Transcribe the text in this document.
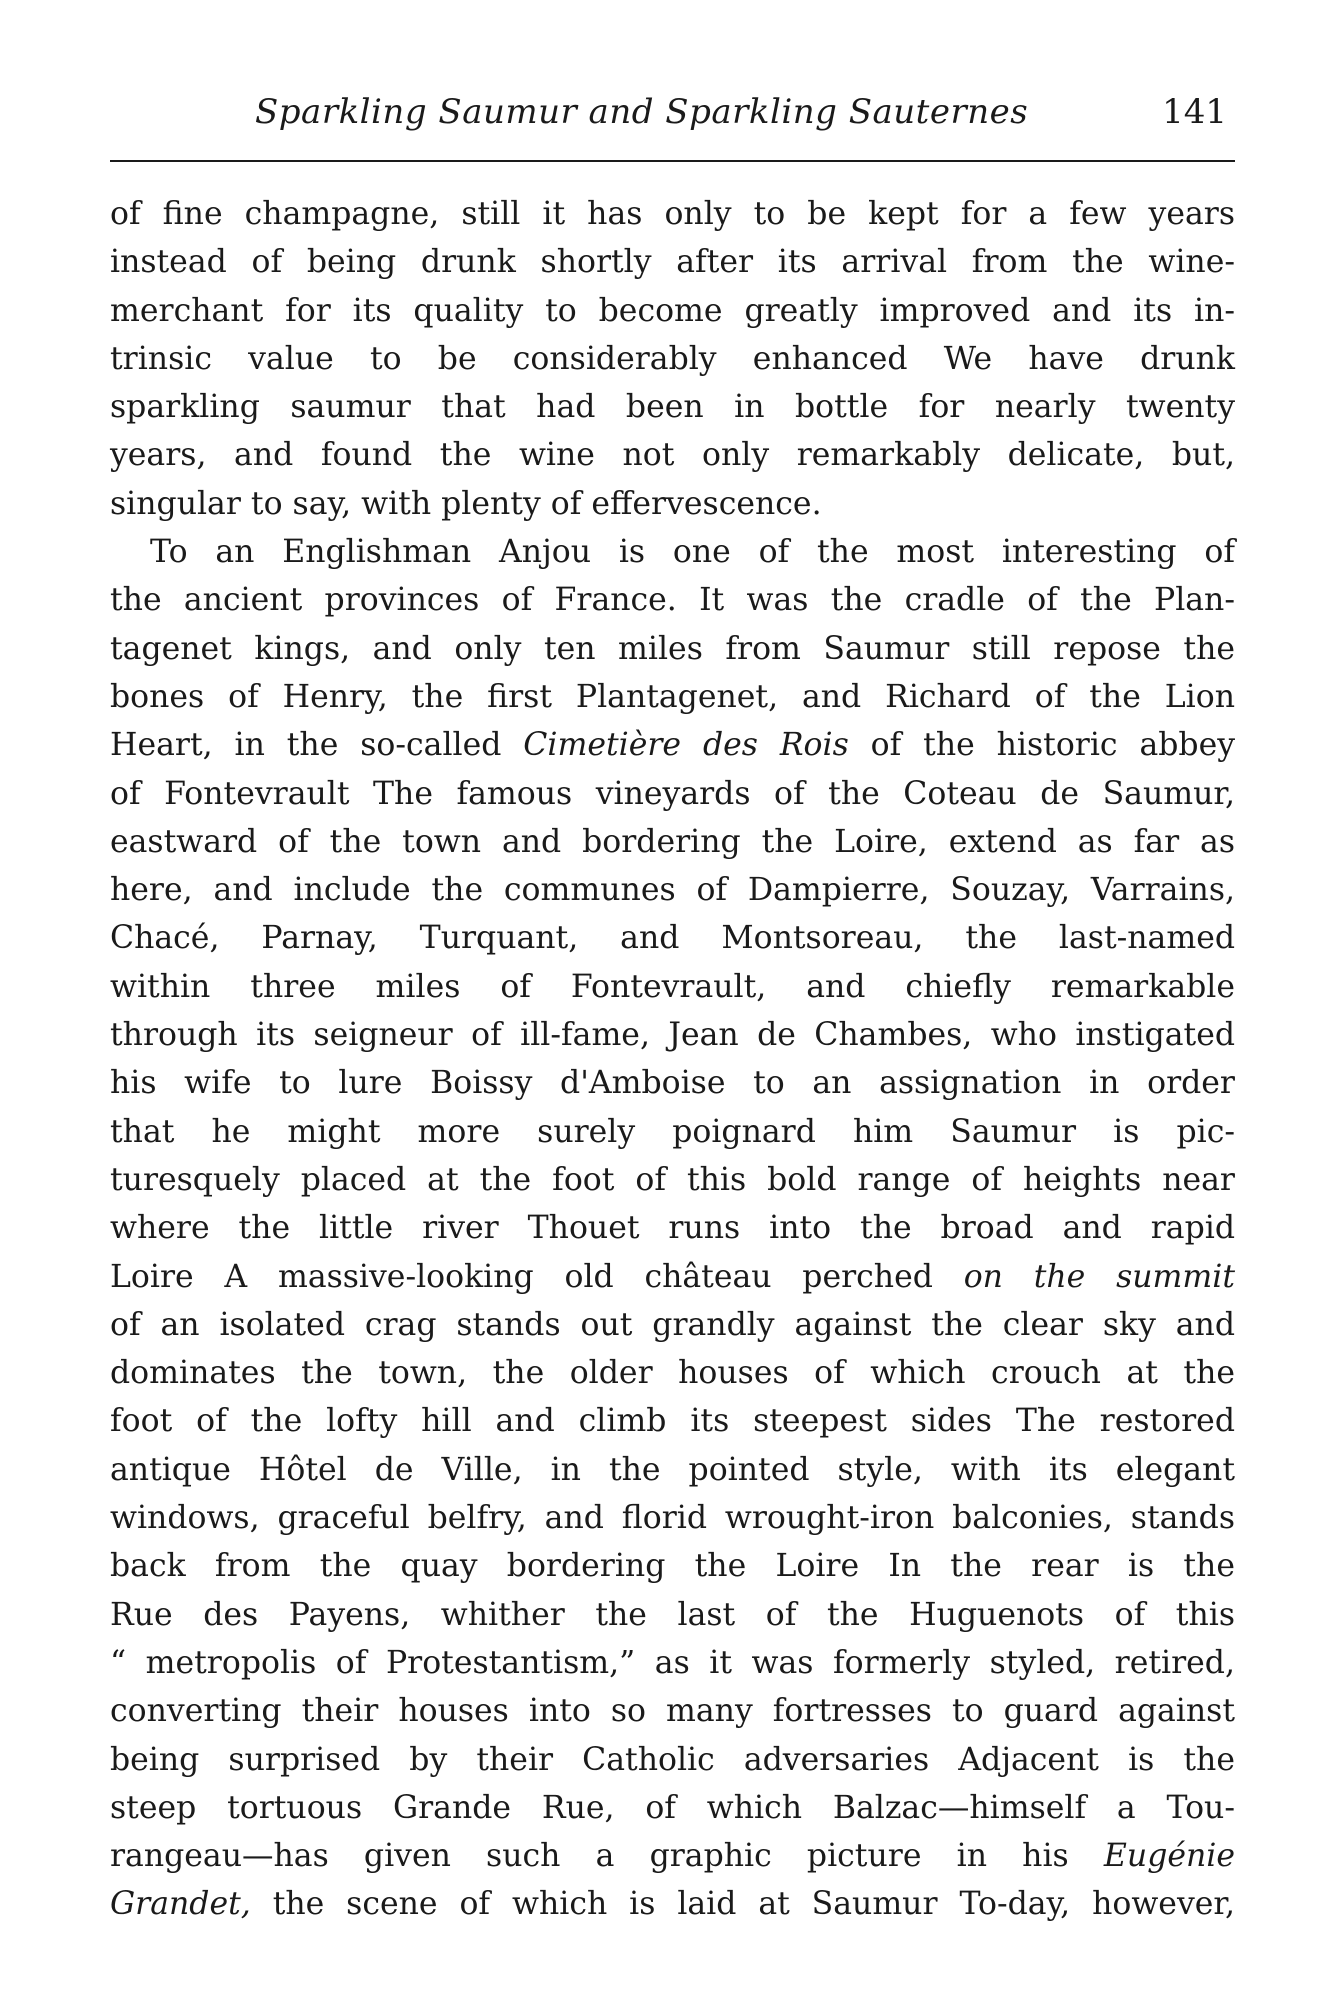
Sparkling Saumur and Sparkling Sauternes	141
of fine champagne, still it has only to be kept for a few years
instead of being drunk shortly after its arrival from the wine-
merchant for its quality to become greatly improved and its in-
trinsic value to be considerably enhanced We have drunk
sparkling saumur that had been in bottle for nearly twenty
years, and found the wine not only remarkably delicate, but,
singular to say, with plenty of effervescence.
To an Englishman Anjou is one of the most interesting of
the ancient provinces of France. It was the cradle of the Plan-
tagenet kings, and only ten miles from Saumur still repose the
bones of Henry, the first Plantagenet, and Richard of the Lion
Heart, in the so-called Cimetière des Rois of the historic abbey
of Fontevrault The famous vineyards of the Coteau de Saumur,
eastward of the town and bordering the Loire, extend as far as
here, and include the communes of Dampierre, Souzay, Varrains,
Chacé, Parnay, Turquant, and Montsoreau, the last-named
within three miles of Fontevrault, and chiefly remarkable
through its seigneur of ill-fame, Jean de Chambes, who instigated
his wife to lure Boissy d'Amboise to an assignation in order
that he might more surely poignard him Saumur is pic-
turesquely placed at the foot of this bold range of heights near
where the little river Thouet runs into the broad and rapid
Loire A massive-looking old château perched on the summit
of an isolated crag stands out grandly against the clear sky and
dominates the town, the older houses of which crouch at the
foot of the lofty hill and climb its steepest sides The restored
antique Hôtel de Ville, in the pointed style, with its elegant
windows, graceful belfry, and florid wrought-iron balconies, stands
back from the quay bordering the Loire In the rear is the
Rue des Payens, whither the last of the Huguenots of this
“ metropolis of Protestantism,” as it was formerly styled, retired,
converting their houses into so many fortresses to guard against
being surprised by their Catholic adversaries Adjacent is the
steep tortuous Grande Rue, of which Balzac—himself a Tou-
rangeau—has given such a graphic picture in his Eugénie
Grandet, the scene of which is laid at Saumur To-day, however,
